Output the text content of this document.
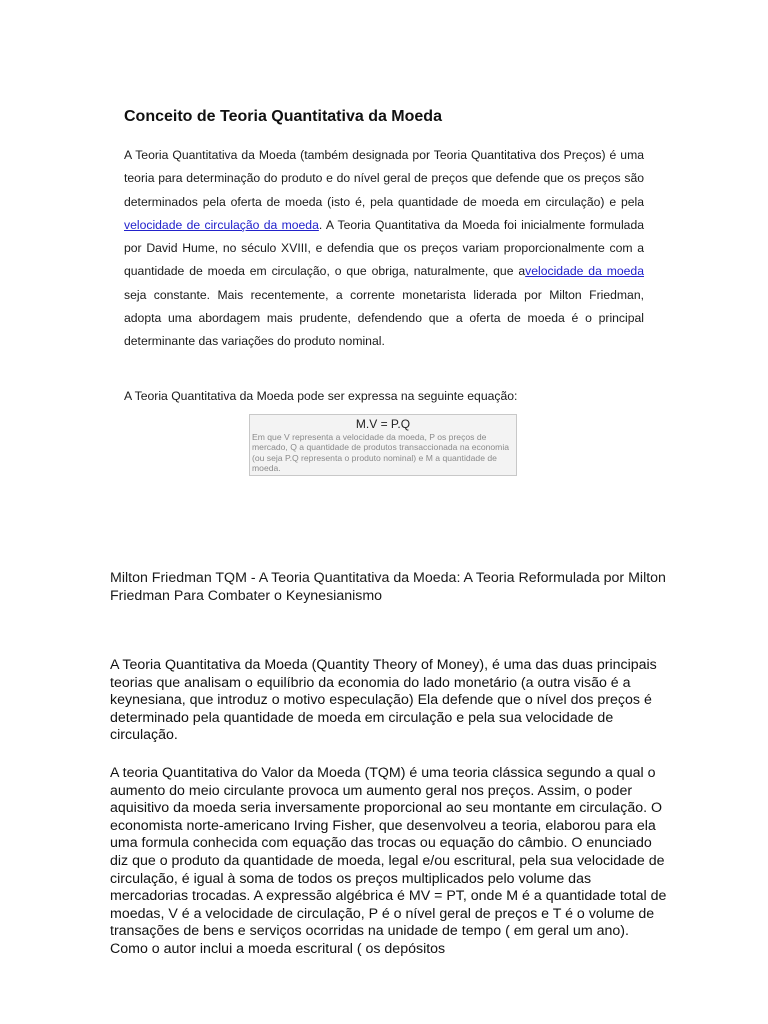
Conceito de Teoria Quantitativa da Moeda

A Teoria Quantitativa da Moeda (também designada por Teoria Quantitativa dos Preços) é uma teoria para determinação do produto e do nível geral de preços que defende que os preços são determinados pela oferta de moeda (isto é, pela quantidade de moeda em circulação) e pela velocidade de circulação da moeda. A Teoria Quantitativa da Moeda foi inicialmente formulada por David Hume, no século XVIII, e defendia que os preços variam proporcionalmente com a quantidade de moeda em circulação, o que obriga, naturalmente, que avelocidade da moeda seja constante. Mais recentemente, a corrente monetarista liderada por Milton Friedman, adopta uma abordagem mais prudente, defendendo que a oferta de moeda é o principal determinante das variações do produto nominal.

A Teoria Quantitativa da Moeda pode ser expressa na seguinte equação:

M.V = P.Q

Em que V representa a velocidade da moeda, P os preços de mercado, Q a quantidade de produtos transaccionada na economia (ou seja P.Q representa o produto nominal) e M a quantidade de moeda.

Milton Friedman TQM - A Teoria Quantitativa da Moeda: A Teoria Reformulada por Milton Friedman Para Combater o Keynesianismo

A Teoria Quantitativa da Moeda (Quantity Theory of Money), é uma das duas principais teorias que analisam o equilíbrio da economia do lado monetário (a outra visão é a keynesiana, que introduz o motivo especulação) Ela defende que o nível dos preços é determinado pela quantidade de moeda em circulação e pela sua velocidade de circulação.

A teoria Quantitativa do Valor da Moeda (TQM) é uma teoria clássica segundo a qual o aumento do meio circulante provoca um aumento geral nos preços. Assim, o poder aquisitivo da moeda seria inversamente proporcional ao seu montante em circulação. O economista norte-americano Irving Fisher, que desenvolveu a teoria, elaborou para ela uma formula conhecida com equação das trocas ou equação do câmbio. O enunciado diz que o produto da quantidade de moeda, legal e/ou escritural, pela sua velocidade de circulação, é igual à soma de todos os preços multiplicados pelo volume das mercadorias trocadas. A expressão algébrica é MV = PT, onde M é a quantidade total de moedas, V é a velocidade de circulação, P é o nível geral de preços e T é o volume de transações de bens e serviços ocorridas na unidade de tempo ( em geral um ano). Como o autor inclui a moeda escritural ( os depósitos
